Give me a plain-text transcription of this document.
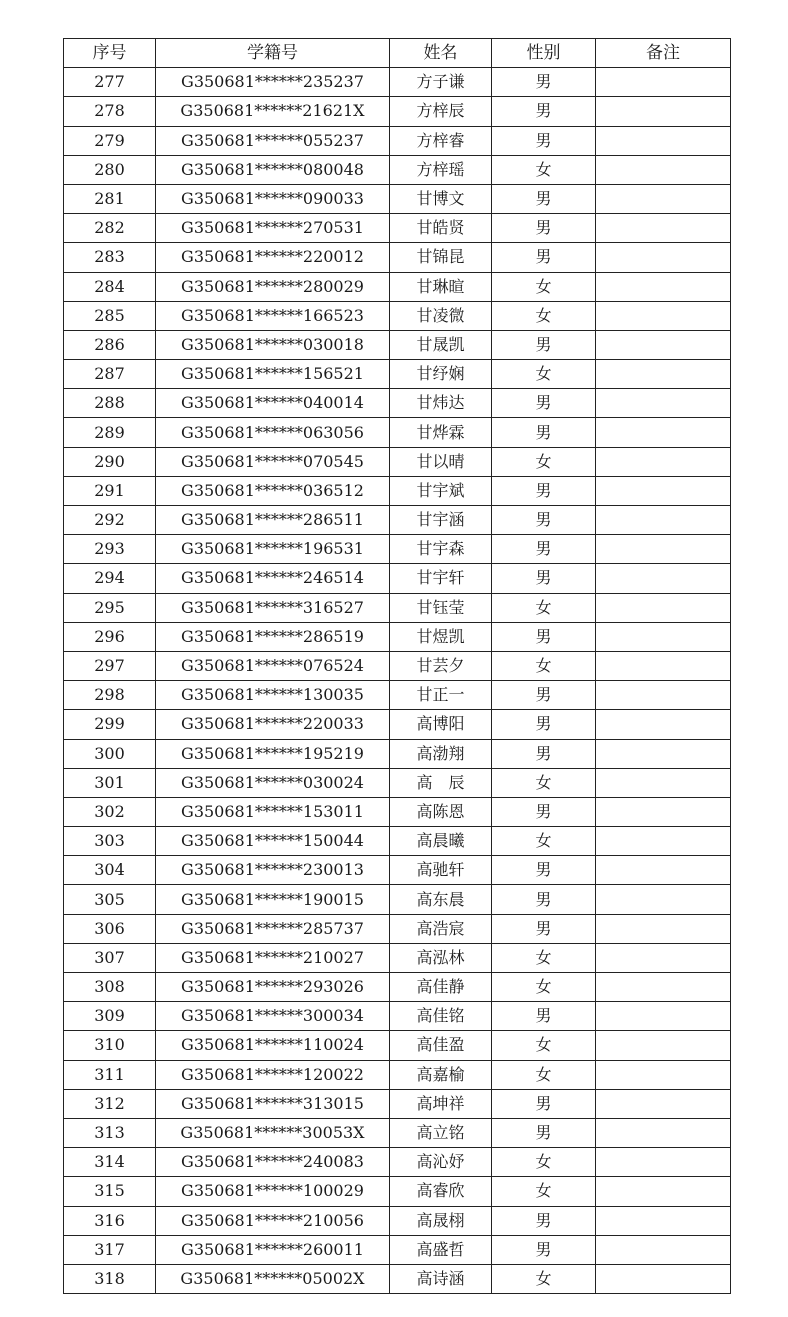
序号	学籍号	姓名	性别	备注
277	G350681******235237	方子谦	男	
278	G350681******21621X	方梓辰	男	
279	G350681******055237	方梓睿	男	
280	G350681******080048	方梓瑶	女	
281	G350681******090033	甘博文	男	
282	G350681******270531	甘皓贤	男	
283	G350681******220012	甘锦昆	男	
284	G350681******280029	甘琳暄	女	
285	G350681******166523	甘凌微	女	
286	G350681******030018	甘晟凯	男	
287	G350681******156521	甘纾娴	女	
288	G350681******040014	甘炜达	男	
289	G350681******063056	甘烨霖	男	
290	G350681******070545	甘以晴	女	
291	G350681******036512	甘宇斌	男	
292	G350681******286511	甘宇涵	男	
293	G350681******196531	甘宇森	男	
294	G350681******246514	甘宇轩	男	
295	G350681******316527	甘钰莹	女	
296	G350681******286519	甘煜凯	男	
297	G350681******076524	甘芸夕	女	
298	G350681******130035	甘正一	男	
299	G350681******220033	高博阳	男	
300	G350681******195219	高渤翔	男	
301	G350681******030024	高　辰	女	
302	G350681******153011	高陈恩	男	
303	G350681******150044	高晨曦	女	
304	G350681******230013	高驰轩	男	
305	G350681******190015	高东晨	男	
306	G350681******285737	高浩宸	男	
307	G350681******210027	高泓林	女	
308	G350681******293026	高佳静	女	
309	G350681******300034	高佳铭	男	
310	G350681******110024	高佳盈	女	
311	G350681******120022	高嘉榆	女	
312	G350681******313015	高坤祥	男	
313	G350681******30053X	高立铭	男	
314	G350681******240083	高沁妤	女	
315	G350681******100029	高睿欣	女	
316	G350681******210056	高晟栩	男	
317	G350681******260011	高盛哲	男	
318	G350681******05002X	高诗涵	女	
